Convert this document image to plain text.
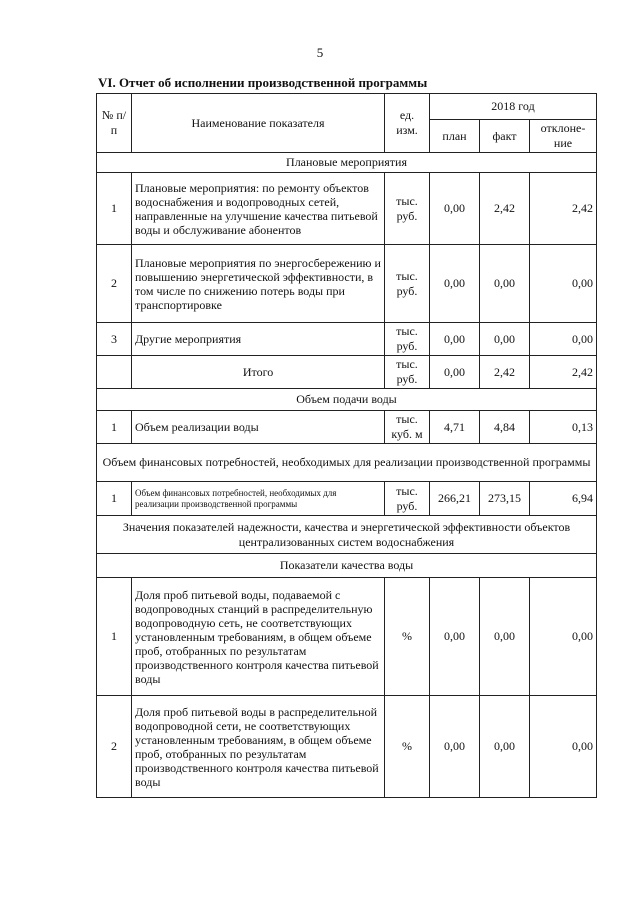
5
VI. Отчет об исполнении производственной программы
№ п/п	Наименование показателя	ед. изм.	2018 год		
			план	факт	отклоне-ние
Плановые мероприятия					
1	Плановые мероприятия: по ремонту объектов водоснабжения и водопроводных сетей, направленные на улучшение качества питьевой воды и обслуживание абонентов	тыс. руб.	0,00	2,42	2,42
2	Плановые мероприятия по энергосбережению и повышению энергетической эффективности, в том числе по снижению потерь воды при транспортировке	тыс. руб.	0,00	0,00	0,00
3	Другие мероприятия	тыс. руб.	0,00	0,00	0,00
	Итого	тыс. руб.	0,00	2,42	2,42
Объем подачи воды					
1	Объем реализации воды	тыс. куб. м	4,71	4,84	0,13
Объем финансовых потребностей, необходимых для реализации производственной программы					
1	Объем финансовых потребностей, необходимых для реализации производственной программы	тыс. руб.	266,21	273,15	6,94
Значения показателей надежности, качества и энергетической эффективности объектов централизованных систем водоснабжения					
Показатели качества воды					
1	Доля проб питьевой воды, подаваемой с водопроводных станций в распределительную водопроводную сеть, не соответствующих установленным требованиям, в общем объеме проб, отобранных по результатам производственного контроля качества питьевой воды	%	0,00	0,00	0,00
2	Доля проб питьевой воды в распределительной водопроводной сети, не соответствующих установленным требованиям, в общем объеме проб, отобранных по результатам производственного контроля качества питьевой воды	%	0,00	0,00	0,00
